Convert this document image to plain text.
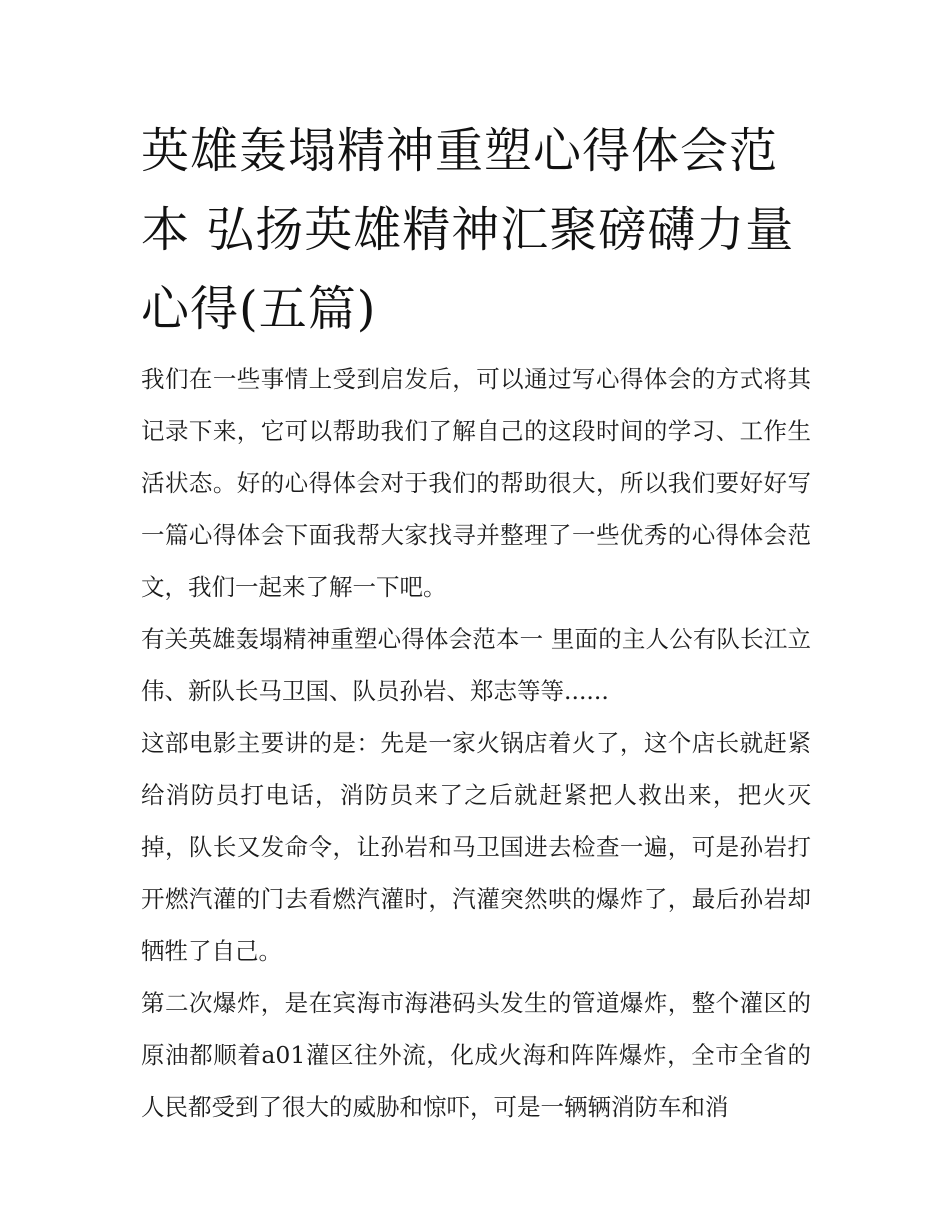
英雄轰塌精神重塑心得体会范本 弘扬英雄精神汇聚磅礴力量心得(五篇)

我们在一些事情上受到启发后，可以通过写心得体会的方式将其记录下来，它可以帮助我们了解自己的这段时间的学习、工作生活状态。好的心得体会对于我们的帮助很大，所以我们要好好写一篇心得体会下面我帮大家找寻并整理了一些优秀的心得体会范文，我们一起来了解一下吧。

有关英雄轰塌精神重塑心得体会范本一 里面的主人公有队长江立伟、新队长马卫国、队员孙岩、郑志等等......

这部电影主要讲的是：先是一家火锅店着火了，这个店长就赶紧给消防员打电话，消防员来了之后就赶紧把人救出来，把火灭掉，队长又发命令，让孙岩和马卫国进去检查一遍，可是孙岩打开燃汽灌的门去看燃汽灌时，汽灌突然哄的爆炸了，最后孙岩却牺牲了自己。

第二次爆炸，是在宾海市海港码头发生的管道爆炸，整个灌区的原油都顺着a01灌区往外流，化成火海和阵阵爆炸，全市全省的人民都受到了很大的威胁和惊吓，可是一辆辆消防车和消
